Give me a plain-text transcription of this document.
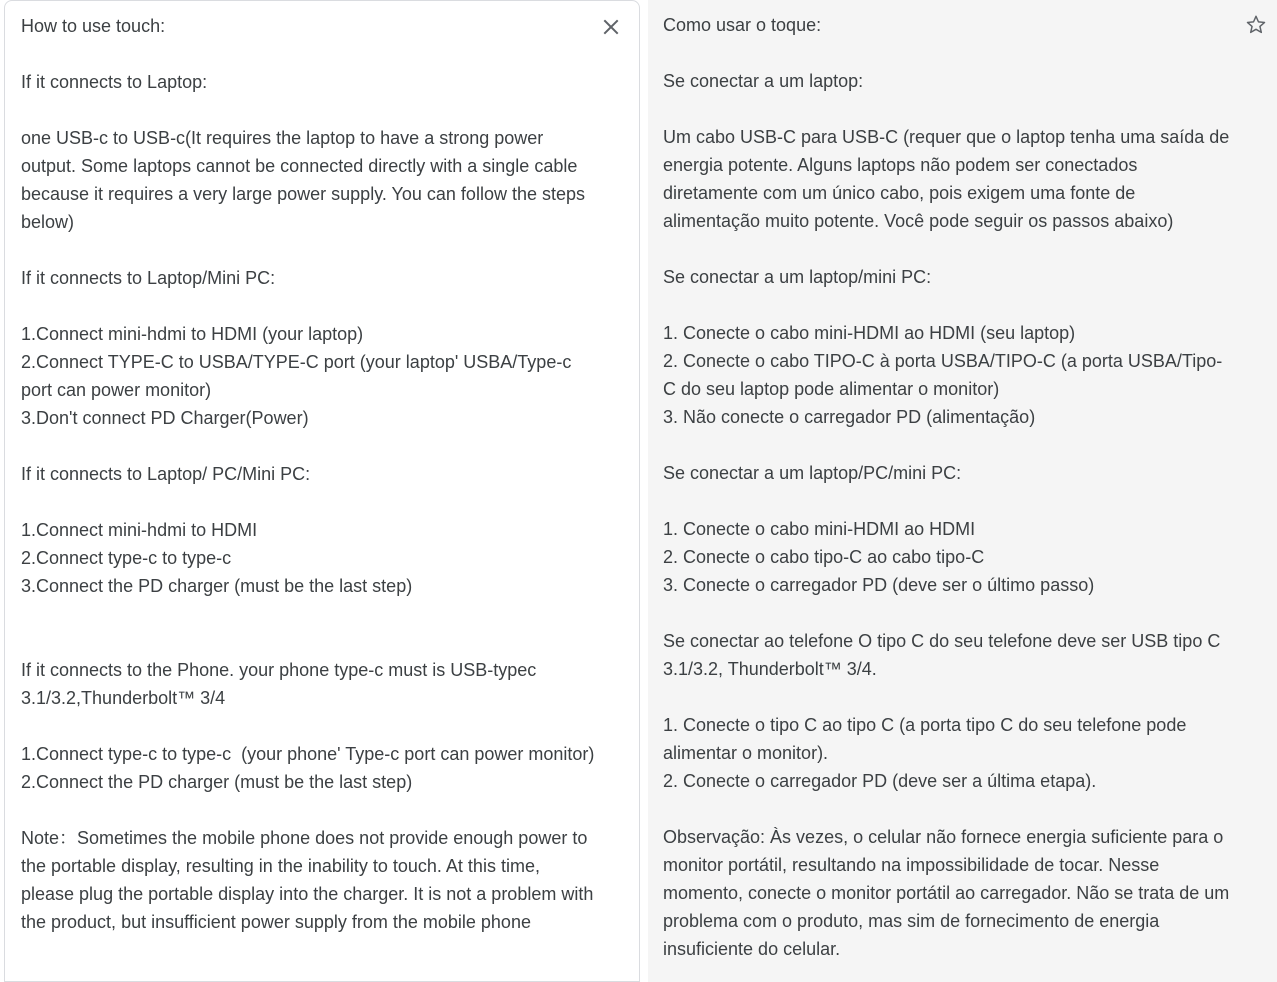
How to use touch:

If it connects to Laptop:

one USB-c to USB-c(It requires the laptop to have a strong power output. Some laptops cannot be connected directly with a single cable because it requires a very large power supply. You can follow the steps below)

If it connects to Laptop/Mini PC:

1.Connect mini-hdmi to HDMI (your laptop)
2.Connect TYPE-C to USBA/TYPE-C port (your laptop' USBA/Type-c port can power monitor)
3.Don't connect PD Charger(Power)

If it connects to Laptop/ PC/Mini PC:

1.Connect mini-hdmi to HDMI
2.Connect type-c to type-c
3.Connect the PD charger (must be the last step)

If it connects to the Phone. your phone type-c must is USB-typec 3.1/3.2,Thunderbolt™ 3/4

1.Connect type-c to type-c  (your phone' Type-c port can power monitor)
2.Connect the PD charger (must be the last step)

Note：Sometimes the mobile phone does not provide enough power to the portable display, resulting in the inability to touch. At this time, please plug the portable display into the charger. It is not a problem with the product, but insufficient power supply from the mobile phone

Como usar o toque:

Se conectar a um laptop:

Um cabo USB-C para USB-C (requer que o laptop tenha uma saída de energia potente. Alguns laptops não podem ser conectados diretamente com um único cabo, pois exigem uma fonte de alimentação muito potente. Você pode seguir os passos abaixo)

Se conectar a um laptop/mini PC:

1. Conecte o cabo mini-HDMI ao HDMI (seu laptop)
2. Conecte o cabo TIPO-C à porta USBA/TIPO-C (a porta USBA/Tipo-C do seu laptop pode alimentar o monitor)
3. Não conecte o carregador PD (alimentação)

Se conectar a um laptop/PC/mini PC:

1. Conecte o cabo mini-HDMI ao HDMI
2. Conecte o cabo tipo-C ao cabo tipo-C
3. Conecte o carregador PD (deve ser o último passo)

Se conectar ao telefone O tipo C do seu telefone deve ser USB tipo C 3.1/3.2, Thunderbolt™ 3/4.

1. Conecte o tipo C ao tipo C (a porta tipo C do seu telefone pode alimentar o monitor).
2. Conecte o carregador PD (deve ser a última etapa).

Observação: Às vezes, o celular não fornece energia suficiente para o monitor portátil, resultando na impossibilidade de tocar. Nesse momento, conecte o monitor portátil ao carregador. Não se trata de um problema com o produto, mas sim de fornecimento de energia insuficiente do celular.
